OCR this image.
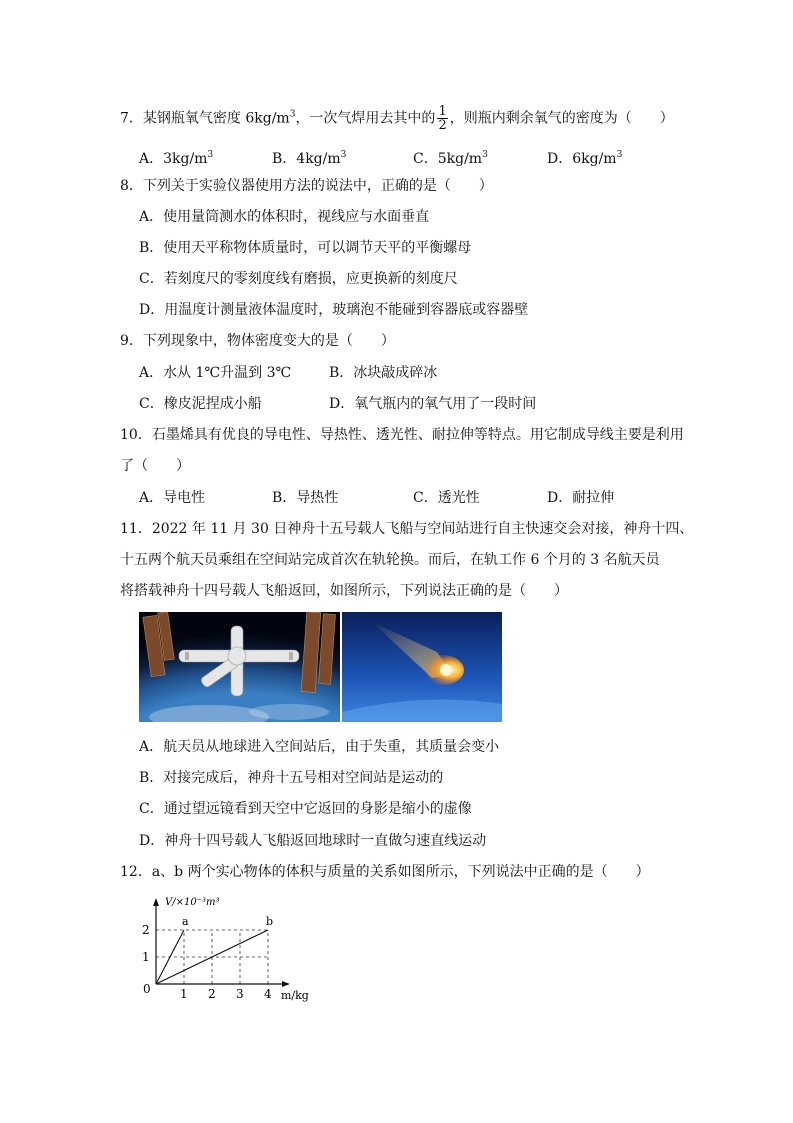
7．某钢瓶氧气密度 $6kg/m^3$，一次气焊用去其中的 $\frac{1}{2}$ ，则瓶内剩余氧气的密度为（　　）
A．$3kg/m^3$	B．$4kg/m^3$	C．$5kg/m^3$	D．$6kg/m^3$
8．下列关于实验仪器使用方法的说法中，正确的是（　　）
A．使用量筒测水的体积时，视线应与水面垂直
B．使用天平称物体质量时，可以调节天平的平衡螺母
C．若刻度尺的零刻度线有磨损，应更换新的刻度尺
D．用温度计测量液体温度时，玻璃泡不能碰到容器底或容器壁
9．下列现象中，物体密度变大的是（　　）
A．水从 1℃升温到 3℃	B．冰块敲成碎冰
C．橡皮泥捏成小船	D．氧气瓶内的氧气用了一段时间
10．石墨烯具有优良的导电性、导热性、透光性、耐拉伸等特点。用它制成导线主要是利用
了（　　）
A．导电性	B．导热性	C．透光性	D．耐拉伸
11．2022 年 11 月 30 日神舟十五号载人飞船与空间站进行自主快速交会对接，神舟十四、
十五两个航天员乘组在空间站完成首次在轨轮换。而后，在轨工作 6 个月的 3 名航天员
将搭载神舟十四号载人飞船返回，如图所示，下列说法正确的是（　　）
A．航天员从地球进入空间站后，由于失重，其质量会变小
B．对接完成后，神舟十五号相对空间站是运动的
C．通过望远镜看到天空中它返回的身影是缩小的虚像
D．神舟十四号载人飞船返回地球时一直做匀速直线运动
12．a、b 两个实心物体的体积与质量的关系如图所示，下列说法中正确的是（　　）
1 2 3 4
1
2
a	b
V/×10⁻³m³
m/kg
0
